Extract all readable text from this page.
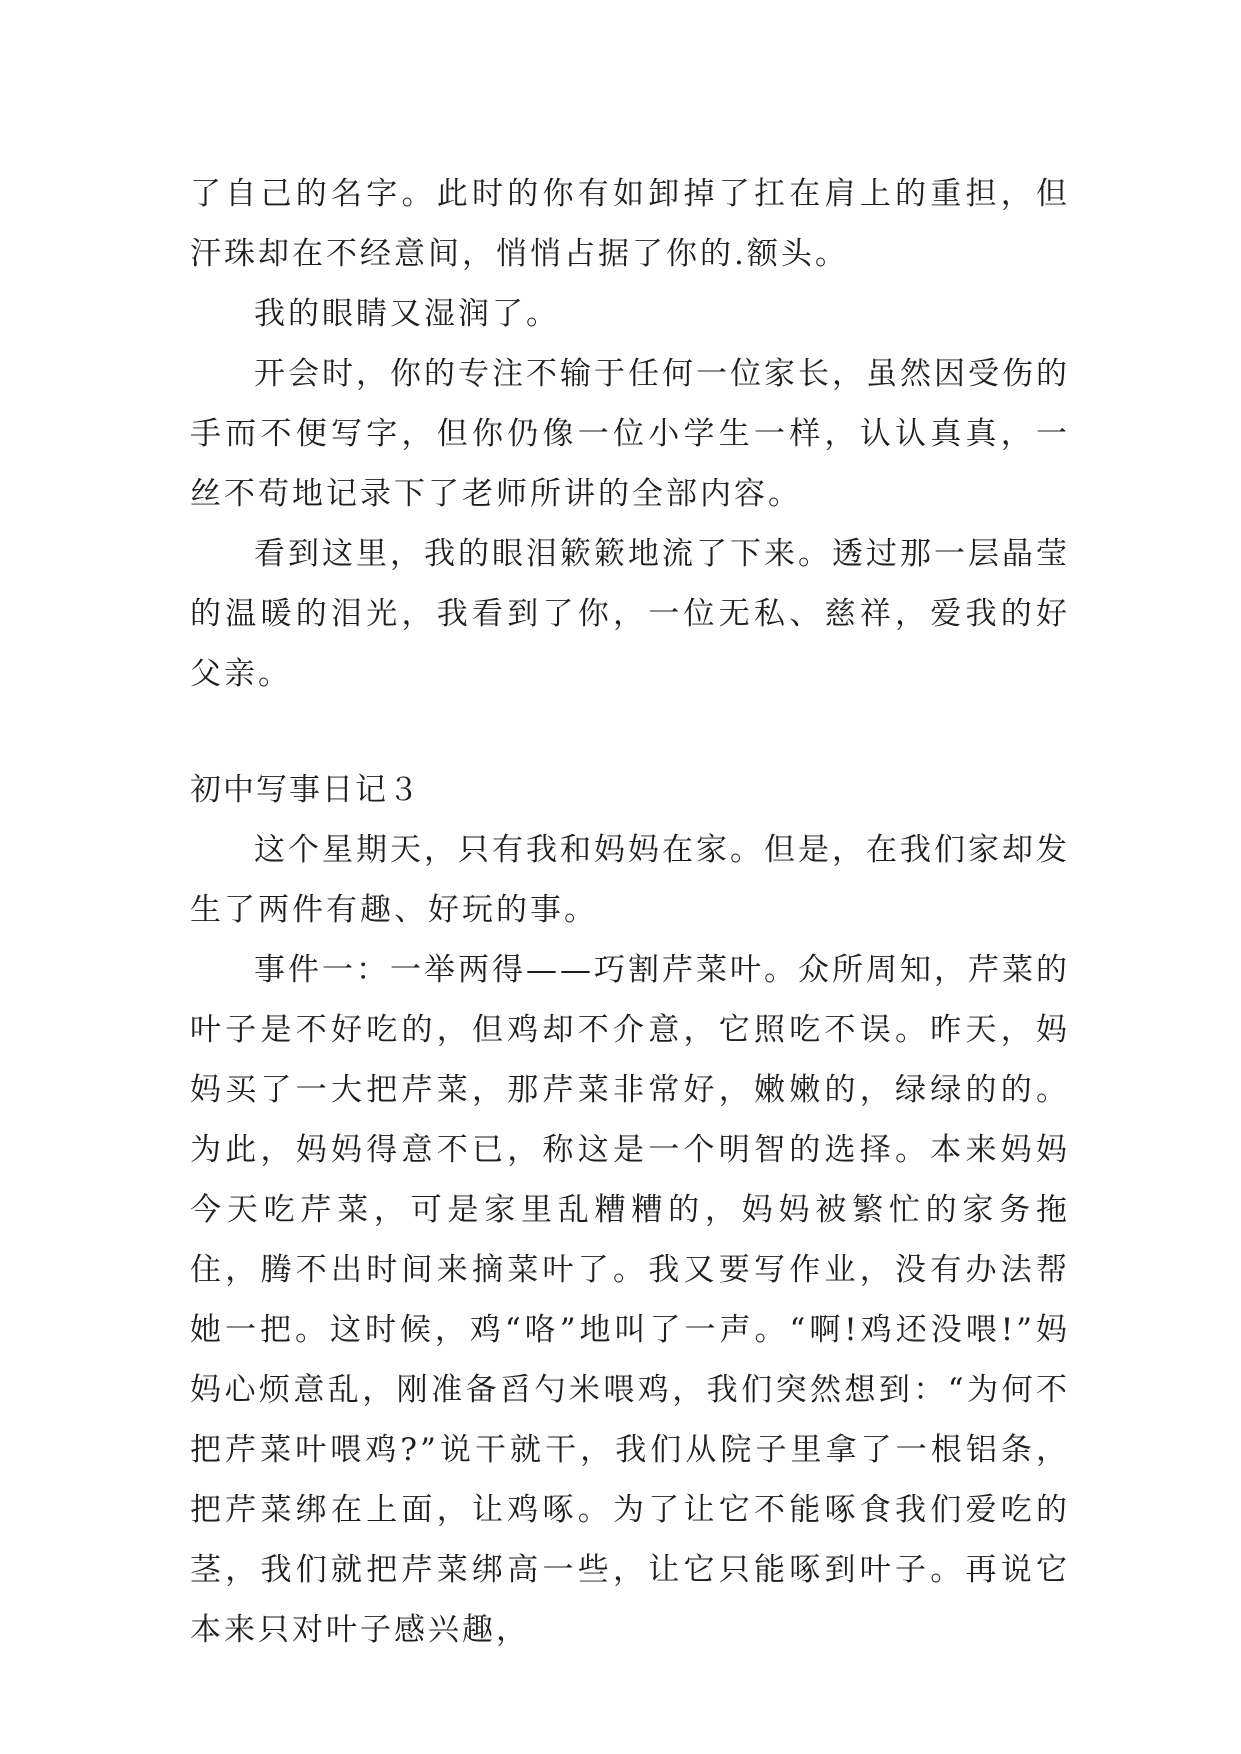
了自己的名字。此时的你有如卸掉了扛在肩上的重担，但汗珠却在不经意间，悄悄占据了你的.额头。

我的眼睛又湿润了。

开会时，你的专注不输于任何一位家长，虽然因受伤的手而不便写字，但你仍像一位小学生一样，认认真真，一丝不苟地记录下了老师所讲的全部内容。

看到这里，我的眼泪簌簌地流了下来。透过那一层晶莹的温暖的泪光，我看到了你，一位无私、慈祥，爱我的好父亲。

初中写事日记３

这个星期天，只有我和妈妈在家。但是，在我们家却发生了两件有趣、好玩的事。

事件一：一举两得——巧割芹菜叶。众所周知，芹菜的叶子是不好吃的，但鸡却不介意，它照吃不误。昨天，妈妈买了一大把芹菜，那芹菜非常好，嫩嫩的，绿绿的的。为此，妈妈得意不已，称这是一个明智的选择。本来妈妈今天吃芹菜，可是家里乱糟糟的，妈妈被繁忙的家务拖住，腾不出时间来摘菜叶了。我又要写作业，没有办法帮她一把。这时候，鸡“咯”地叫了一声。“啊!鸡还没喂!”妈妈心烦意乱，刚准备舀勺米喂鸡，我们突然想到：“为何不把芹菜叶喂鸡?”说干就干，我们从院子里拿了一根铝条，把芹菜绑在上面，让鸡啄。为了让它不能啄食我们爱吃的茎，我们就把芹菜绑高一些，让它只能啄到叶子。再说它本来只对叶子感兴趣，
